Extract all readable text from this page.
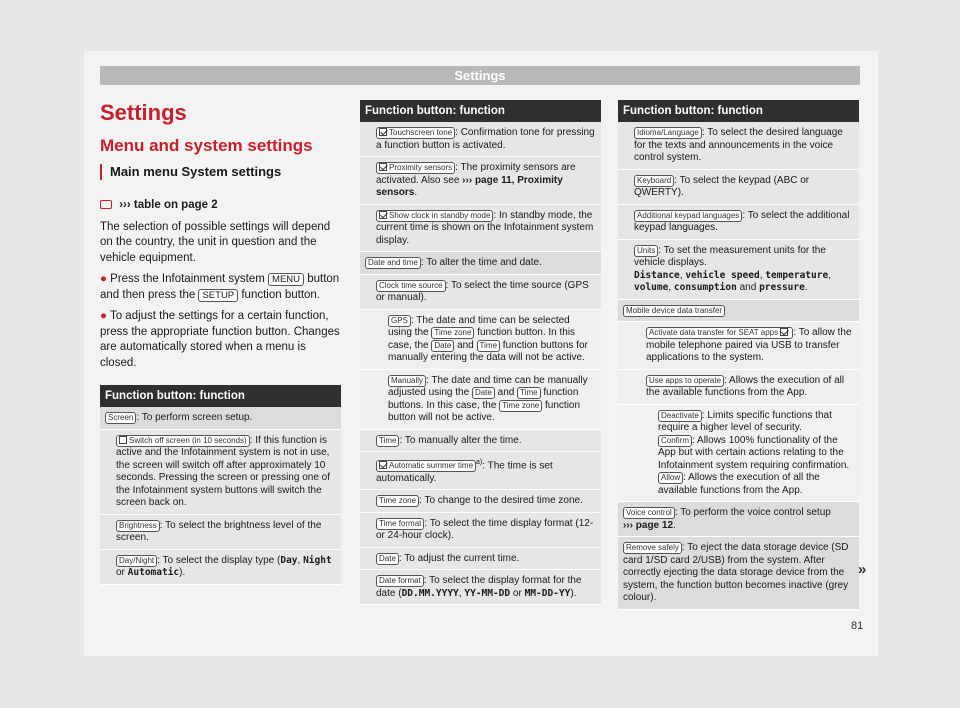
Settings
Settings
Menu and system settings
Main menu System settings
››› table on page 2
The selection of possible settings will depend on the country, the unit in question and the vehicle equipment.
● Press the Infotainment system MENU button and then press the SETUP function button.
● To adjust the settings for a certain function, press the appropriate function button. Changes are automatically stored when a menu is closed.
Function button: function
Screen : To perform screen setup.
Switch off screen (in 10 seconds) : If this function is active and the Infotainment system is not in use, the screen will switch off after approximately 10 seconds. Pressing the screen or pressing one of the Infotainment system buttons will switch the screen back on.
Brightness : To select the brightness level of the screen.
Day/Night : To select the display type (Day, Night or Automatic).
Function button: function
Touchscreen tone : Confirmation tone for pressing a function button is activated.
Proximity sensors : The proximity sensors are activated. Also see ››› page 11, Proximity sensors.
Show clock in standby mode : In standby mode, the current time is shown on the Infotainment system display.
Date and time : To alter the time and date.
Clock time source : To select the time source (GPS or manual).
GPS : The date and time can be selected using the Time zone function button. In this case, the Date and Time function buttons for manually entering the data will not be active.
Manually : The date and time can be manually adjusted using the Date and Time function buttons. In this case, the Time zone function button will not be active.
Time : To manually alter the time.
Automatic summer time $^{a)}$: The time is set automatically.
Time zone : To change to the desired time zone.
Time format : To select the time display format (12- or 24-hour clock).
Date : To adjust the current time.
Date format : To select the display format for the date (DD.MM.YYYY, YY-MM-DD or MM-DD-YY).
Function button: function
Idioma/Language : To select the desired language for the texts and announcements in the voice control system.
Keyboard : To select the keypad (ABC or QWERTY).
Additional keypad languages : To select the additional keypad languages.
Units : To set the measurement units for the vehicle displays.
Distance, vehicle speed, temperature, volume, consumption and pressure.
Mobile device data transfer
Activate data transfer for SEAT apps : To allow the mobile telephone paired via USB to transfer applications to the system.
Use apps to operate : Allows the execution of all the available functions from the App.
Deactivate : Limits specific functions that require a higher level of security.
Confirm : Allows 100% functionality of the App but with certain actions relating to the Infotainment system requiring confirmation.
Allow : Allows the execution of all the available functions from the App.
Voice control : To perform the voice control setup
››› page 12.
Remove safely : To eject the data storage device (SD card 1/SD card 2/USB) from the system. After correctly ejecting the data storage device from the system, the function button becomes inactive (grey colour).
»
81
